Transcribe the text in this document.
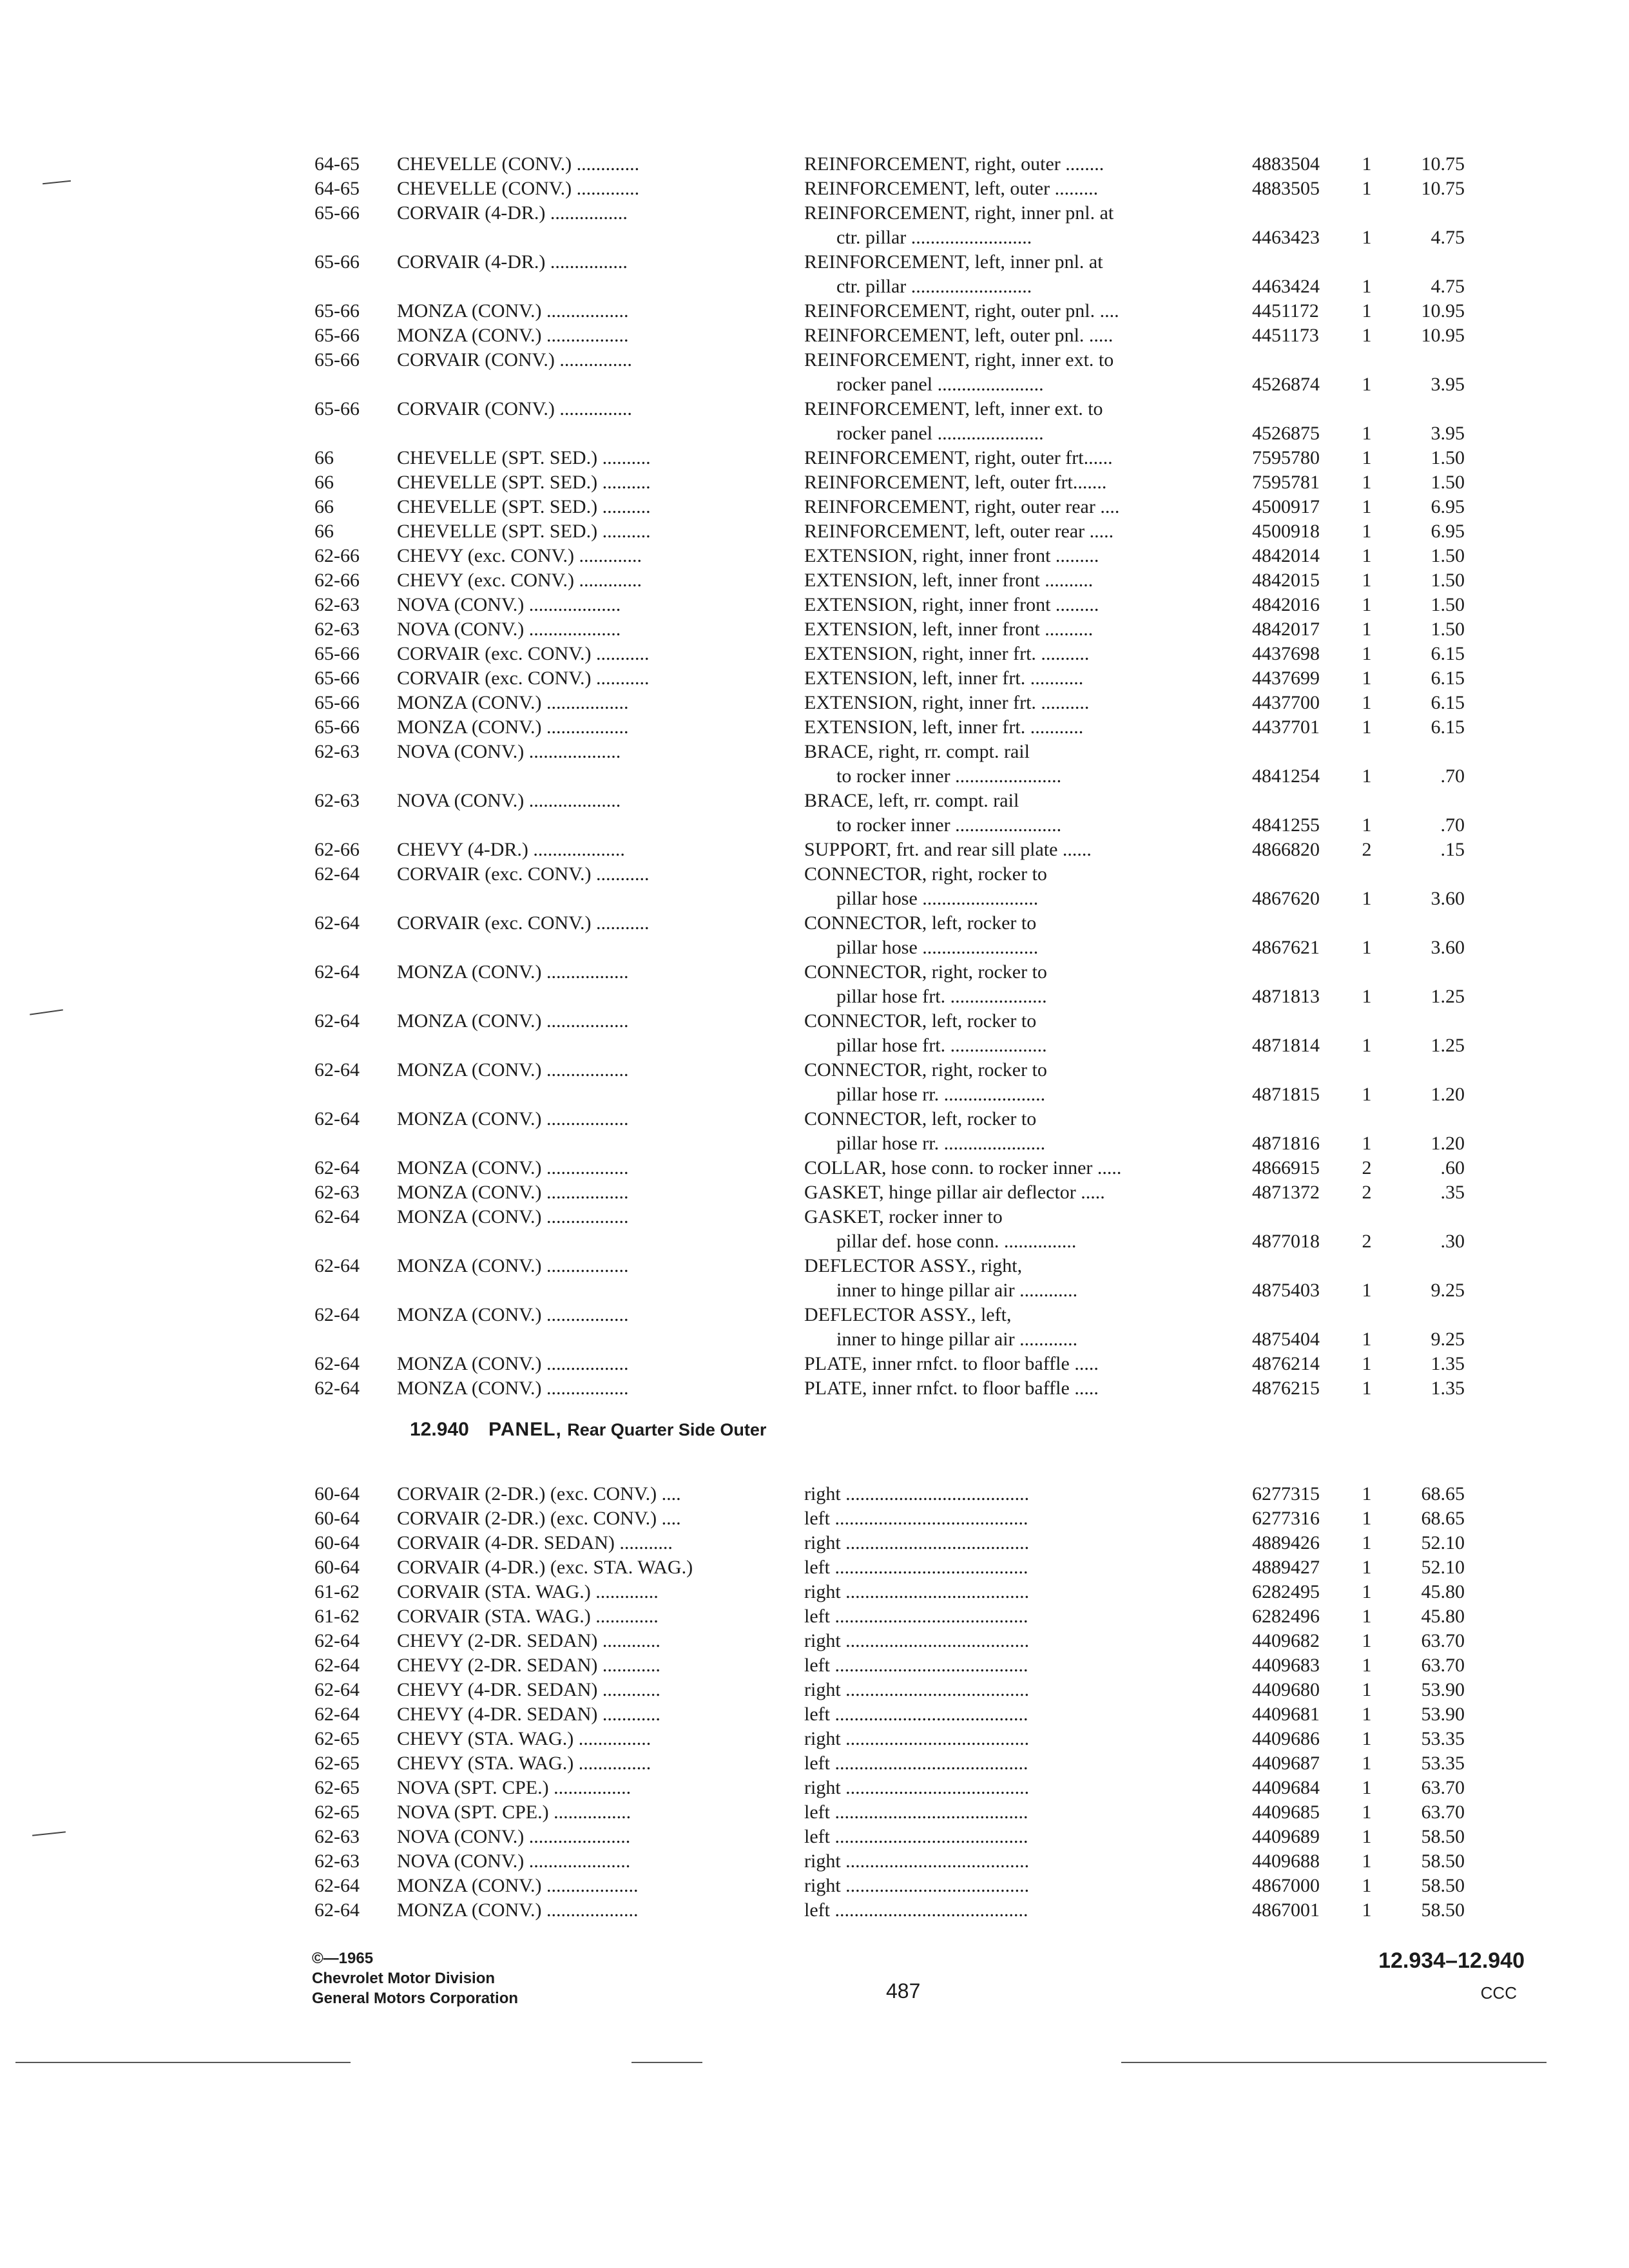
64-65	CHEVELLE (CONV.) .............	REINFORCEMENT, right, outer ........	4883504	1	10.75
64-65	CHEVELLE (CONV.) .............	REINFORCEMENT, left, outer .........	4883505	1	10.75
65-66	CORVAIR (4-DR.) ................	REINFORCEMENT, right, inner pnl. at
ctr. pillar .........................	4463423	1	4.75
65-66	CORVAIR (4-DR.) ................	REINFORCEMENT, left, inner pnl. at
ctr. pillar .........................	4463424	1	4.75
65-66	MONZA (CONV.) .................	REINFORCEMENT, right, outer pnl. ....	4451172	1	10.95
65-66	MONZA (CONV.) .................	REINFORCEMENT, left, outer pnl. .....	4451173	1	10.95
65-66	CORVAIR (CONV.) ...............	REINFORCEMENT, right, inner ext. to
rocker panel ......................	4526874	1	3.95
65-66	CORVAIR (CONV.) ...............	REINFORCEMENT, left, inner ext. to
rocker panel ......................	4526875	1	3.95
66	CHEVELLE (SPT. SED.) ..........	REINFORCEMENT, right, outer frt......	7595780	1	1.50
66	CHEVELLE (SPT. SED.) ..........	REINFORCEMENT, left, outer frt.......	7595781	1	1.50
66	CHEVELLE (SPT. SED.) ..........	REINFORCEMENT, right, outer rear ....	4500917	1	6.95
66	CHEVELLE (SPT. SED.) ..........	REINFORCEMENT, left, outer rear .....	4500918	1	6.95
62-66	CHEVY (exc. CONV.) .............	EXTENSION, right, inner front .........	4842014	1	1.50
62-66	CHEVY (exc. CONV.) .............	EXTENSION, left, inner front ..........	4842015	1	1.50
62-63	NOVA (CONV.) ...................	EXTENSION, right, inner front .........	4842016	1	1.50
62-63	NOVA (CONV.) ...................	EXTENSION, left, inner front ..........	4842017	1	1.50
65-66	CORVAIR (exc. CONV.) ...........	EXTENSION, right, inner frt. ..........	4437698	1	6.15
65-66	CORVAIR (exc. CONV.) ...........	EXTENSION, left, inner frt. ...........	4437699	1	6.15
65-66	MONZA (CONV.) .................	EXTENSION, right, inner frt. ..........	4437700	1	6.15
65-66	MONZA (CONV.) .................	EXTENSION, left, inner frt. ...........	4437701	1	6.15
62-63	NOVA (CONV.) ...................	BRACE, right, rr. compt. rail
to rocker inner ......................	4841254	1	.70
62-63	NOVA (CONV.) ...................	BRACE, left, rr. compt. rail
to rocker inner ......................	4841255	1	.70
62-66	CHEVY (4-DR.) ...................	SUPPORT, frt. and rear sill plate ......	4866820	2	.15
62-64	CORVAIR (exc. CONV.) ...........	CONNECTOR, right, rocker to
pillar hose ........................	4867620	1	3.60
62-64	CORVAIR (exc. CONV.) ...........	CONNECTOR, left, rocker to
pillar hose ........................	4867621	1	3.60
62-64	MONZA (CONV.) .................	CONNECTOR, right, rocker to
pillar hose frt. ....................	4871813	1	1.25
62-64	MONZA (CONV.) .................	CONNECTOR, left, rocker to
pillar hose frt. ....................	4871814	1	1.25
62-64	MONZA (CONV.) .................	CONNECTOR, right, rocker to
pillar hose rr. .....................	4871815	1	1.20
62-64	MONZA (CONV.) .................	CONNECTOR, left, rocker to
pillar hose rr. .....................	4871816	1	1.20
62-64	MONZA (CONV.) .................	COLLAR, hose conn. to rocker inner .....	4866915	2	.60
62-63	MONZA (CONV.) .................	GASKET, hinge pillar air deflector .....	4871372	2	.35
62-64	MONZA (CONV.) .................	GASKET, rocker inner to
pillar def. hose conn. ...............	4877018	2	.30
62-64	MONZA (CONV.) .................	DEFLECTOR ASSY., right,
inner to hinge pillar air ............	4875403	1	9.25
62-64	MONZA (CONV.) .................	DEFLECTOR ASSY., left,
inner to hinge pillar air ............	4875404	1	9.25
62-64	MONZA (CONV.) .................	PLATE, inner rnfct. to floor baffle .....	4876214	1	1.35
62-64	MONZA (CONV.) .................	PLATE, inner rnfct. to floor baffle .....	4876215	1	1.35
12.940 PANEL, Rear Quarter Side Outer
60-64	CORVAIR (2-DR.) (exc. CONV.) ....	right ......................................	6277315	1	68.65
60-64	CORVAIR (2-DR.) (exc. CONV.) ....	left ........................................	6277316	1	68.65
60-64	CORVAIR (4-DR. SEDAN) ...........	right ......................................	4889426	1	52.10
60-64	CORVAIR (4-DR.) (exc. STA. WAG.)	left ........................................	4889427	1	52.10
61-62	CORVAIR (STA. WAG.) .............	right ......................................	6282495	1	45.80
61-62	CORVAIR (STA. WAG.) .............	left ........................................	6282496	1	45.80
62-64	CHEVY (2-DR. SEDAN) ............	right ......................................	4409682	1	63.70
62-64	CHEVY (2-DR. SEDAN) ............	left ........................................	4409683	1	63.70
62-64	CHEVY (4-DR. SEDAN) ............	right ......................................	4409680	1	53.90
62-64	CHEVY (4-DR. SEDAN) ............	left ........................................	4409681	1	53.90
62-65	CHEVY (STA. WAG.) ...............	right ......................................	4409686	1	53.35
62-65	CHEVY (STA. WAG.) ...............	left ........................................	4409687	1	53.35
62-65	NOVA (SPT. CPE.) ................	right ......................................	4409684	1	63.70
62-65	NOVA (SPT. CPE.) ................	left ........................................	4409685	1	63.70
62-63	NOVA (CONV.) .....................	left ........................................	4409689	1	58.50
62-63	NOVA (CONV.) .....................	right ......................................	4409688	1	58.50
62-64	MONZA (CONV.) ...................	right ......................................	4867000	1	58.50
62-64	MONZA (CONV.) ...................	left ........................................	4867001	1	58.50
©—1965
Chevrolet Motor Division
General Motors Corporation	487
12.934–12.940
CCC
